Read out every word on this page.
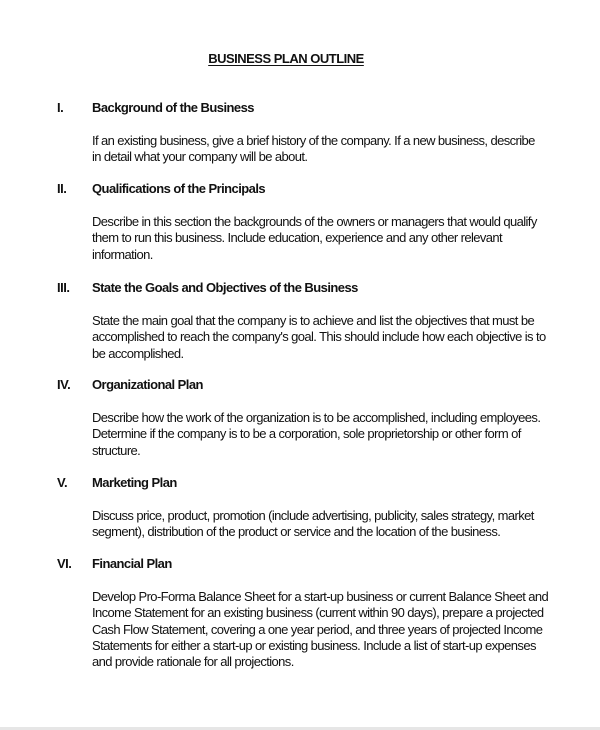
BUSINESS PLAN OUTLINE
I. Background of the Business
If an existing business, give a brief history of the company. If a new business, describe
in detail what your company will be about.
II. Qualifications of the Principals
Describe in this section the backgrounds of the owners or managers that would qualify
them to run this business. Include education, experience and any other relevant
information.
III. State the Goals and Objectives of the Business
State the main goal that the company is to achieve and list the objectives that must be
accomplished to reach the company's goal. This should include how each objective is to
be accomplished.
IV. Organizational Plan
Describe how the work of the organization is to be accomplished, including employees.
Determine if the company is to be a corporation, sole proprietorship or other form of
structure.
V. Marketing Plan
Discuss price, product, promotion (include advertising, publicity, sales strategy, market
segment), distribution of the product or service and the location of the business.
VI. Financial Plan
Develop Pro-Forma Balance Sheet for a start-up business or current Balance Sheet and
Income Statement for an existing business (current within 90 days), prepare a projected
Cash Flow Statement, covering a one year period, and three years of projected Income
Statements for either a start-up or existing business. Include a list of start-up expenses
and provide rationale for all projections.
